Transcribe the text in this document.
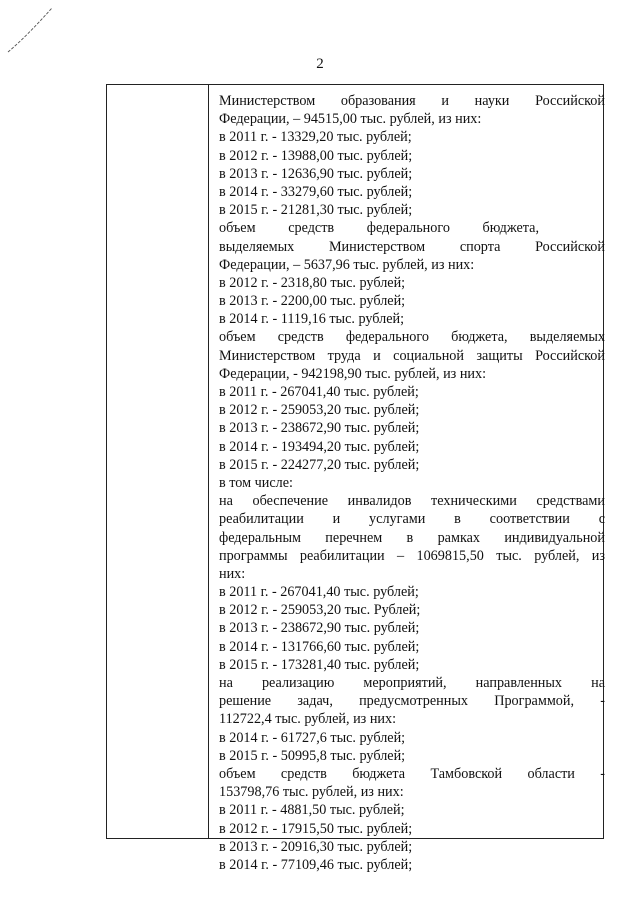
2
Министерством образования и науки Российской
Федерации, – 94515,00 тыс. рублей, из них:
в 2011 г. - 13329,20 тыс. рублей;
в 2012 г. - 13988,00 тыс. рублей;
в 2013 г. - 12636,90 тыс. рублей;
в 2014 г. - 33279,60 тыс. рублей;
в 2015 г. - 21281,30 тыс. рублей;
объем средств федерального бюджета,
выделяемых Министерством спорта Российской
Федерации, – 5637,96 тыс. рублей, из них:
в 2012 г. - 2318,80 тыс. рублей;
в 2013 г. - 2200,00 тыс. рублей;
в 2014 г. - 1119,16 тыс. рублей;
объем средств федерального бюджета, выделяемых
Министерством труда и социальной защиты Российской
Федерации, - 942198,90 тыс. рублей, из них:
в 2011 г. - 267041,40 тыс. рублей;
в 2012 г. - 259053,20 тыс. рублей;
в 2013 г. - 238672,90 тыс. рублей;
в 2014 г. - 193494,20 тыс. рублей;
в 2015 г. - 224277,20 тыс. рублей;
в том числе:
на обеспечение инвалидов техническими средствами
реабилитации и услугами в соответствии с
федеральным перечнем в рамках индивидуальной
программы реабилитации – 1069815,50 тыс. рублей, из
них:
в 2011 г. - 267041,40 тыс. рублей;
в 2012 г. - 259053,20 тыс. Рублей;
в 2013 г. - 238672,90 тыс. рублей;
в 2014 г. - 131766,60 тыс. рублей;
в 2015 г. - 173281,40 тыс. рублей;
на реализацию мероприятий, направленных на
решение задач, предусмотренных Программой, -
112722,4 тыс. рублей, из них:
в 2014 г. - 61727,6 тыс. рублей;
в 2015 г. - 50995,8 тыс. рублей;
объем средств бюджета Тамбовской области -
153798,76 тыс. рублей, из них:
в 2011 г. - 4881,50 тыс. рублей;
в 2012 г. - 17915,50 тыс. рублей;
в 2013 г. - 20916,30 тыс. рублей;
в 2014 г. - 77109,46 тыс. рублей;
